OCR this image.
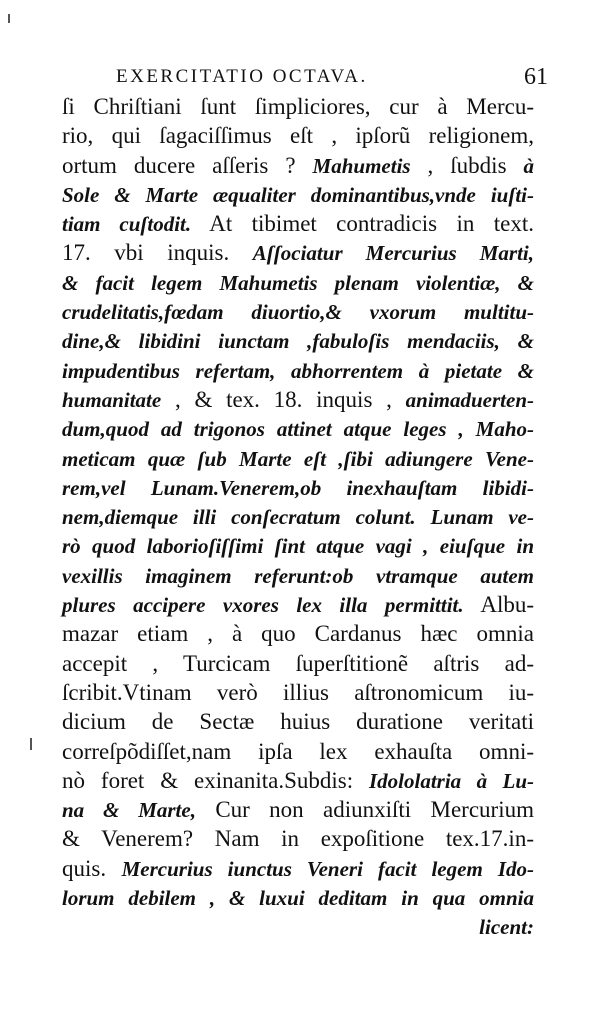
EXERCITATIO OCTAVA.	61
ſi Chriſtiani ſunt ſimpliciores, cur à Mercu-
rio, qui ſagaciſſimus eſt , ipſorũ religionem,
ortum ducere aſſeris ? Mahumetis , ſubdis à
Sole & Marte æqualiter dominantibus,vnde iuſti-
tiam cuſtodit. At tibimet contradicis in text.
17. vbi inquis. Aſſociatur Mercurius Marti,
& facit legem Mahumetis plenam violentiæ, &
crudelitatis,fœdam diuortio,& vxorum multitu-
dine,& libidini iunctam ,fabuloſis mendaciis, &
impudentibus refertam, abhorrentem à pietate &
humanitate , & tex. 18. inquis , animaduerten-
dum,quod ad trigonos attinet atque leges , Maho-
meticam quæ ſub Marte eſt ,ſibi adiungere Vene-
rem,vel Lunam.Venerem,ob inexhauſtam libidi-
nem,diemque illi conſecratum colunt. Lunam ve-
rò quod laborioſiſſimi ſint atque vagi , eiuſque in
vexillis imaginem referunt:ob vtramque autem
plures accipere vxores lex illa permittit. Albu-
mazar etiam , à quo Cardanus hæc omnia
accepit , Turcicam ſuperſtitionẽ aſtris ad-
ſcribit.Vtinam verò illius aſtronomicum iu-
dicium de Sectæ huius duratione veritati
correſpõdiſſet,nam ipſa lex exhauſta omni-
nò foret & exinanita.Subdis: Idololatria à Lu-
na & Marte, Cur non adiunxiſti Mercurium
& Venerem? Nam in expoſitione tex.17.in-
quis. Mercurius iunctus Veneri facit legem Ido-
lorum debilem , & luxui deditam in qua omnia
licent:
